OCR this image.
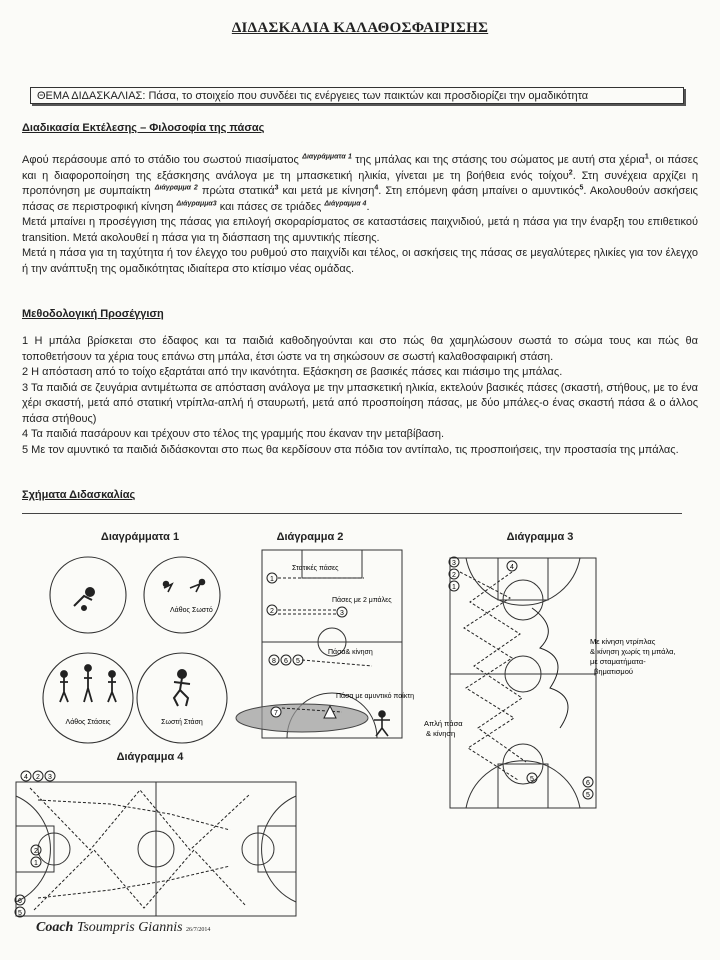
ΔΙΔΑΣΚΑΛΙΑ ΚΑΛΑΘΟΣΦΑΙΡΙΣΗΣ
ΘΕΜΑ ΔΙΔΑΣΚΑΛΙΑΣ: Πάσα, το στοιχείο που συνδέει τις ενέργειες των παικτών και προσδιορίζει την ομαδικότητα
Διαδικασία Εκτέλεσης – Φιλοσοφία της πάσας

Αφού περάσουμε από το στάδιο του σωστού πιασίματος $^{\Delta\iota\alpha\gamma\rho ά\mu\mu\alpha\tau\alpha 1}$ της μπάλας και της στάσης του σώματος με αυτή στα χέρια$^1$, οι πάσες και η διαφοροποίηση της εξάσκησης ανάλογα με τη μπασκετική ηλικία, γίνεται με τη βοήθεια ενός τοίχου$^2$. Στη συνέχεια αρχίζει η προπόνηση με συμπαίκτη $^{\Delta\iota ά\gamma\rho\alpha\mu\mu\alpha 2}$ πρώτα στατικά$^3$ και μετά με κίνηση$^4$. Στη επόμενη φάση μπαίνει ο αμυντικός$^5$. Ακολουθούν ασκήσεις πάσας σε περιστροφική κίνηση $^{\Delta\iota ά\gamma\rho\alpha\mu\mu\alpha 3}$ και πάσες σε τριάδες $^{\Delta\iota ά\gamma\rho\alpha\mu\mu\alpha 4}$.

Μετά μπαίνει η προσέγγιση της πάσας για επιλογή σκοραρίσματος σε καταστάσεις παιχνιδιού, μετά η πάσα για την έναρξη του επιθετικού transition. Μετά ακολουθεί η πάσα για τη διάσπαση της αμυντικής πίεσης.

Μετά η πάσα για τη ταχύτητα ή τον έλεγχο του ρυθμού στο παιχνίδι και τέλος, οι ασκήσεις της πάσας σε μεγαλύτερες ηλικίες για τον έλεγχο ή την ανάπτυξη της ομαδικότητας ιδιαίτερα στο κτίσιμο νέας ομάδας.

Μεθοδολογική Προσέγγιση

1 Η μπάλα βρίσκεται στο έδαφος και τα παιδιά καθοδηγούνται και στο πώς θα χαμηλώσουν σωστά το σώμα τους και πώς θα τοποθετήσουν τα χέρια τους επάνω στη μπάλα, έτσι ώστε να τη σηκώσουν σε σωστή καλαθοσφαιρική στάση.

2 Η απόσταση από το τοίχο εξαρτάται από την ικανότητα. Εξάσκηση σε βασικές πάσες και πιάσιμο της μπάλας.

3 Τα παιδιά σε ζευγάρια αντιμέτωπα σε απόσταση ανάλογα με την μπασκετική ηλικία, εκτελούν βασικές πάσες (σκαστή, στήθους, με το ένα χέρι σκαστή, μετά από στατική ντρίπλα-απλή ή σταυρωτή, μετά από προσποίηση πάσας, με δύο μπάλες-ο ένας σκαστή πάσα & ο άλλος πάσα στήθους)

4 Τα παιδιά πασάρουν και τρέχουν στο τέλος της γραμμής που έκαναν την μεταβίβαση.

5 Με τον αμυντικό τα παιδιά διδάσκονται στο πως θα κερδίσουν στα πόδια τον αντίπαλο, τις προσποιήσεις, την προστασία της μπάλας.

Σχήματα Διδασκαλίας
Διαγράμματα 1
Λάθος Σωστό
Λάθος Στάσεις	Σωστή Στάση
Διάγραμμα 2
Στατικές πάσες
Πάσες με 2 μπάλες
Πάσα& κίνηση
Πάσα με αμυντικό παίκτη
1
2	3
8 6 5
7
Διάγραμμα 3
3
2
1
4
6
5
5
Με κίνηση ντρίπλας
& κίνηση χωρίς τη μπάλα,
με σταματήματα-
βηματισμού
Απλή πάσα
& κίνηση
Διάγραμμα 4
4 2 3
2
1
6
5
Coach Tsoumpris Giannis 26/7/2014
